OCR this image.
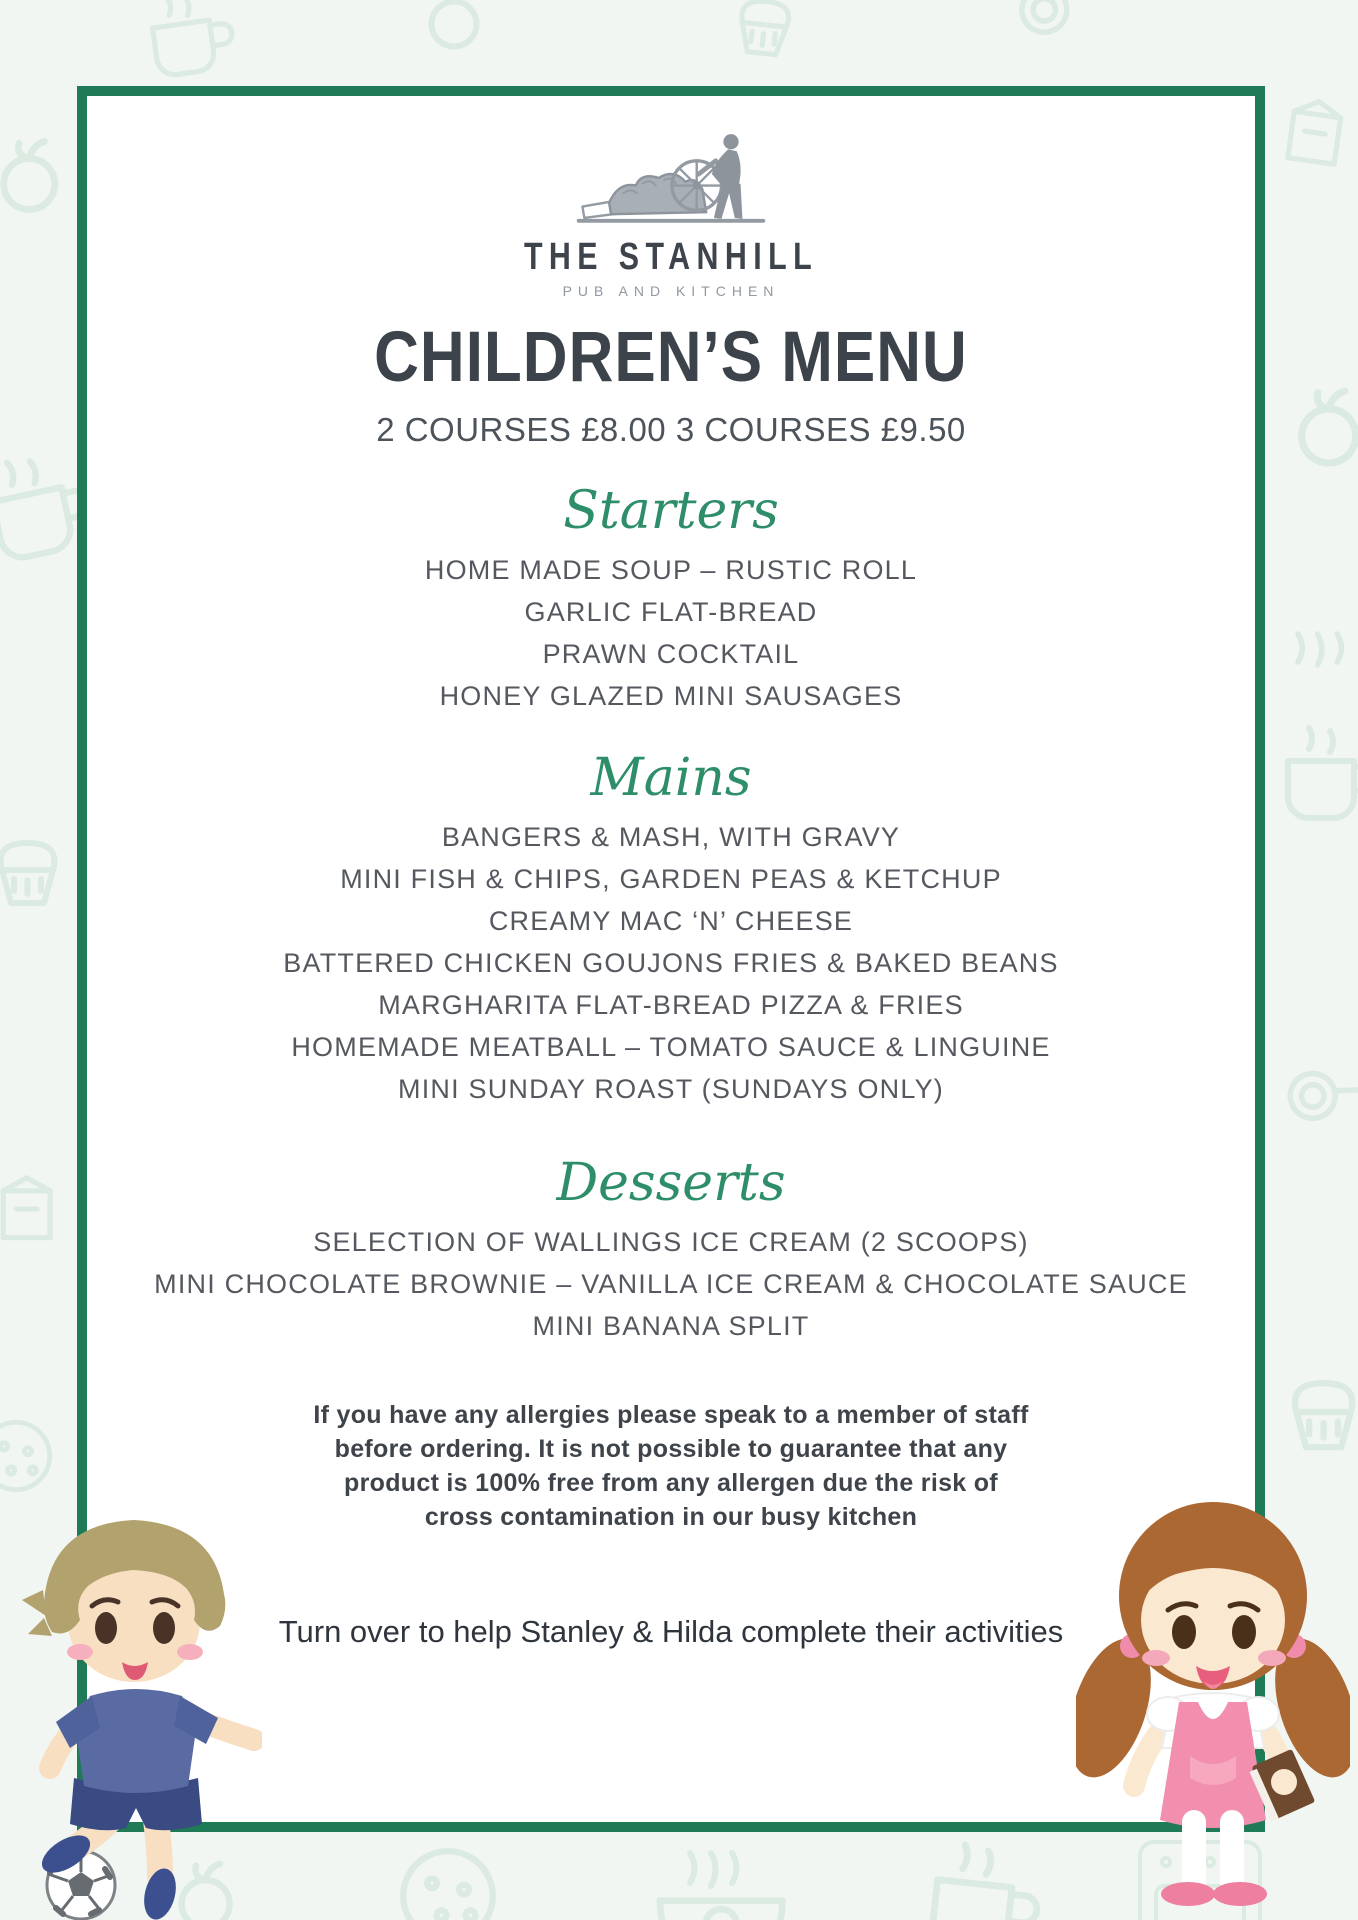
THE STANHILL
PUB AND KITCHEN
CHILDREN’S MENU
2 COURSES £8.00 3 COURSES £9.50
Starters
HOME MADE SOUP – RUSTIC ROLL
GARLIC FLAT-BREAD
PRAWN COCKTAIL
HONEY GLAZED MINI SAUSAGES
Mains
BANGERS & MASH, WITH GRAVY
MINI FISH & CHIPS, GARDEN PEAS & KETCHUP
CREAMY MAC ‘N’ CHEESE
BATTERED CHICKEN GOUJONS FRIES & BAKED BEANS
MARGHARITA FLAT-BREAD PIZZA & FRIES
HOMEMADE MEATBALL – TOMATO SAUCE & LINGUINE
MINI SUNDAY ROAST (SUNDAYS ONLY)
Desserts
SELECTION OF WALLINGS ICE CREAM (2 SCOOPS)
MINI CHOCOLATE BROWNIE – VANILLA ICE CREAM & CHOCOLATE SAUCE
MINI BANANA SPLIT
If you have any allergies please speak to a member of staff
before ordering. It is not possible to guarantee that any
product is 100% free from any allergen due the risk of
cross contamination in our busy kitchen
Turn over to help Stanley & Hilda complete their activities
